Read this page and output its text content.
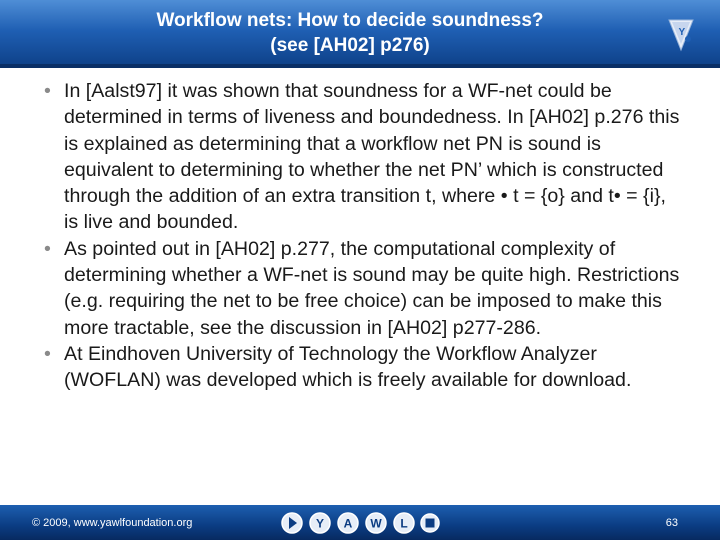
Workflow nets: How to decide soundness?
(see [AH02] p276)
Y
• In [Aalst97] it was shown that soundness for a WF-net could be determined in terms of liveness and boundedness. In [AH02] p.276 this is explained as determining that a workflow net PN is sound is equivalent to determining to whether the net PN’ which is constructed through the addition of an extra transition t, where • t = {o} and t• = {i}, is live and bounded.
• As pointed out in [AH02] p.277, the computational complexity of determining whether a WF-net is sound may be quite high. Restrictions (e.g. requiring the net to be free choice) can be imposed to make this more tractable, see the discussion in [AH02] p277-286.
• At Eindhoven University of Technology the Workflow Analyzer (WOFLAN) was developed which is freely available for download.
© 2009, www.yawlfoundation.org	Y A W L	63
